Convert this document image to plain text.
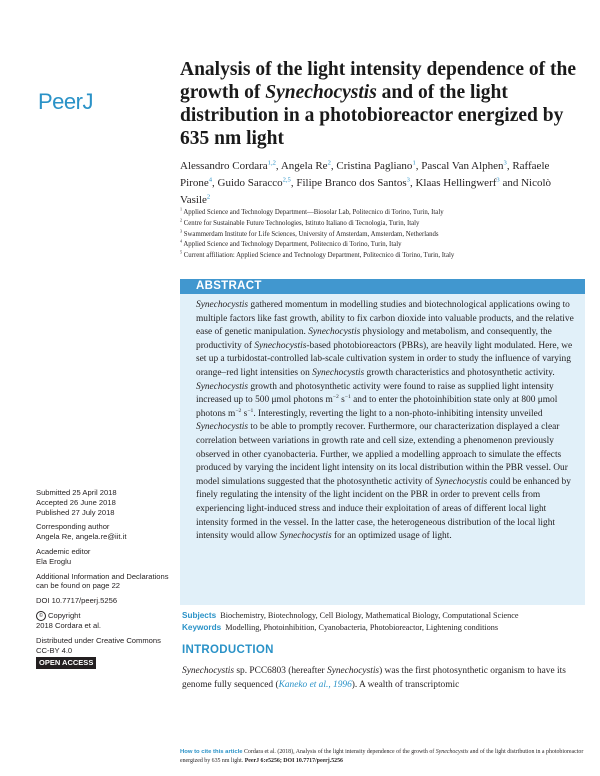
PeerJ
Analysis of the light intensity dependence of the growth of Synechocystis and of the light distribution in a photobioreactor energized by 635 nm light
Alessandro Cordara$^{1,2}$, Angela Re$^2$, Cristina Pagliano$^1$, Pascal Van Alphen$^3$, Raffaele Pirone$^4$, Guido Saracco$^{2,5}$, Filipe Branco dos Santos$^3$, Klaas Hellingwerf$^3$ and Nicolò Vasile$^2$
$^1$ Applied Science and Technology Department—Biosolar Lab, Politecnico di Torino, Turin, Italy
$^2$ Centre for Sustainable Future Technologies, Istituto Italiano di Tecnologia, Turin, Italy
$^3$ Swammerdam Institute for Life Sciences, University of Amsterdam, Amsterdam, Netherlands
$^4$ Applied Science and Technology Department, Politecnico di Torino, Turin, Italy
$^5$ Current affiliation: Applied Science and Technology Department, Politecnico di Torino, Turin, Italy
Submitted 25 April 2018
Accepted 26 June 2018
Published 27 July 2018
Corresponding author
Angela Re, angela.re@iit.it
Academic editor
Ela Eroglu
Additional Information and Declarations can be found on page 22
DOI 10.7717/peerj.5256
© Copyright
2018 Cordara et al.
Distributed under Creative Commons CC-BY 4.0
OPEN ACCESS
ABSTRACT
Synechocystis gathered momentum in modelling studies and biotechnological applications owing to multiple factors like fast growth, ability to fix carbon dioxide into valuable products, and the relative ease of genetic manipulation. Synechocystis physiology and metabolism, and consequently, the productivity of Synechocystis-based photobioreactors (PBRs), are heavily light modulated. Here, we set up a turbidostat-controlled lab-scale cultivation system in order to study the influence of varying orange–red light intensities on Synechocystis growth characteristics and photosynthetic activity. Synechocystis growth and photosynthetic activity were found to raise as supplied light intensity increased up to 500 μmol photons $m^{-2}$ $s^{-1}$ and to enter the photoinhibition state only at 800 μmol photons $m^{-2}$ $s^{-1}$. Interestingly, reverting the light to a non-photo-inhibiting intensity unveiled Synechocystis to be able to promptly recover. Furthermore, our characterization displayed a clear correlation between variations in growth rate and cell size, extending a phenomenon previously observed in other cyanobacteria. Further, we applied a modelling approach to simulate the effects produced by varying the incident light intensity on its local distribution within the PBR vessel. Our model simulations suggested that the photosynthetic activity of Synechocystis could be enhanced by finely regulating the intensity of the light incident on the PBR in order to prevent cells from experiencing light-induced stress and induce their exploitation of areas of different local light intensity formed in the vessel. In the latter case, the heterogeneous distribution of the local light intensity would allow Synechocystis for an optimized usage of light.
Subjects Biochemistry, Biotechnology, Cell Biology, Mathematical Biology, Computational Science
Keywords Modelling, Photoinhibition, Cyanobacteria, Photobioreactor, Lightening conditions
INTRODUCTION
Synechocystis sp. PCC6803 (hereafter Synechocystis) was the first photosynthetic organism to have its genome fully sequenced (Kaneko et al., 1996). A wealth of transcriptomic
How to cite this article Cordara et al. (2018), Analysis of the light intensity dependence of the growth of Synechocystis and of the light distribution in a photobioreactor energized by 635 nm light. PeerJ 6:e5256; DOI 10.7717/peerj.5256
